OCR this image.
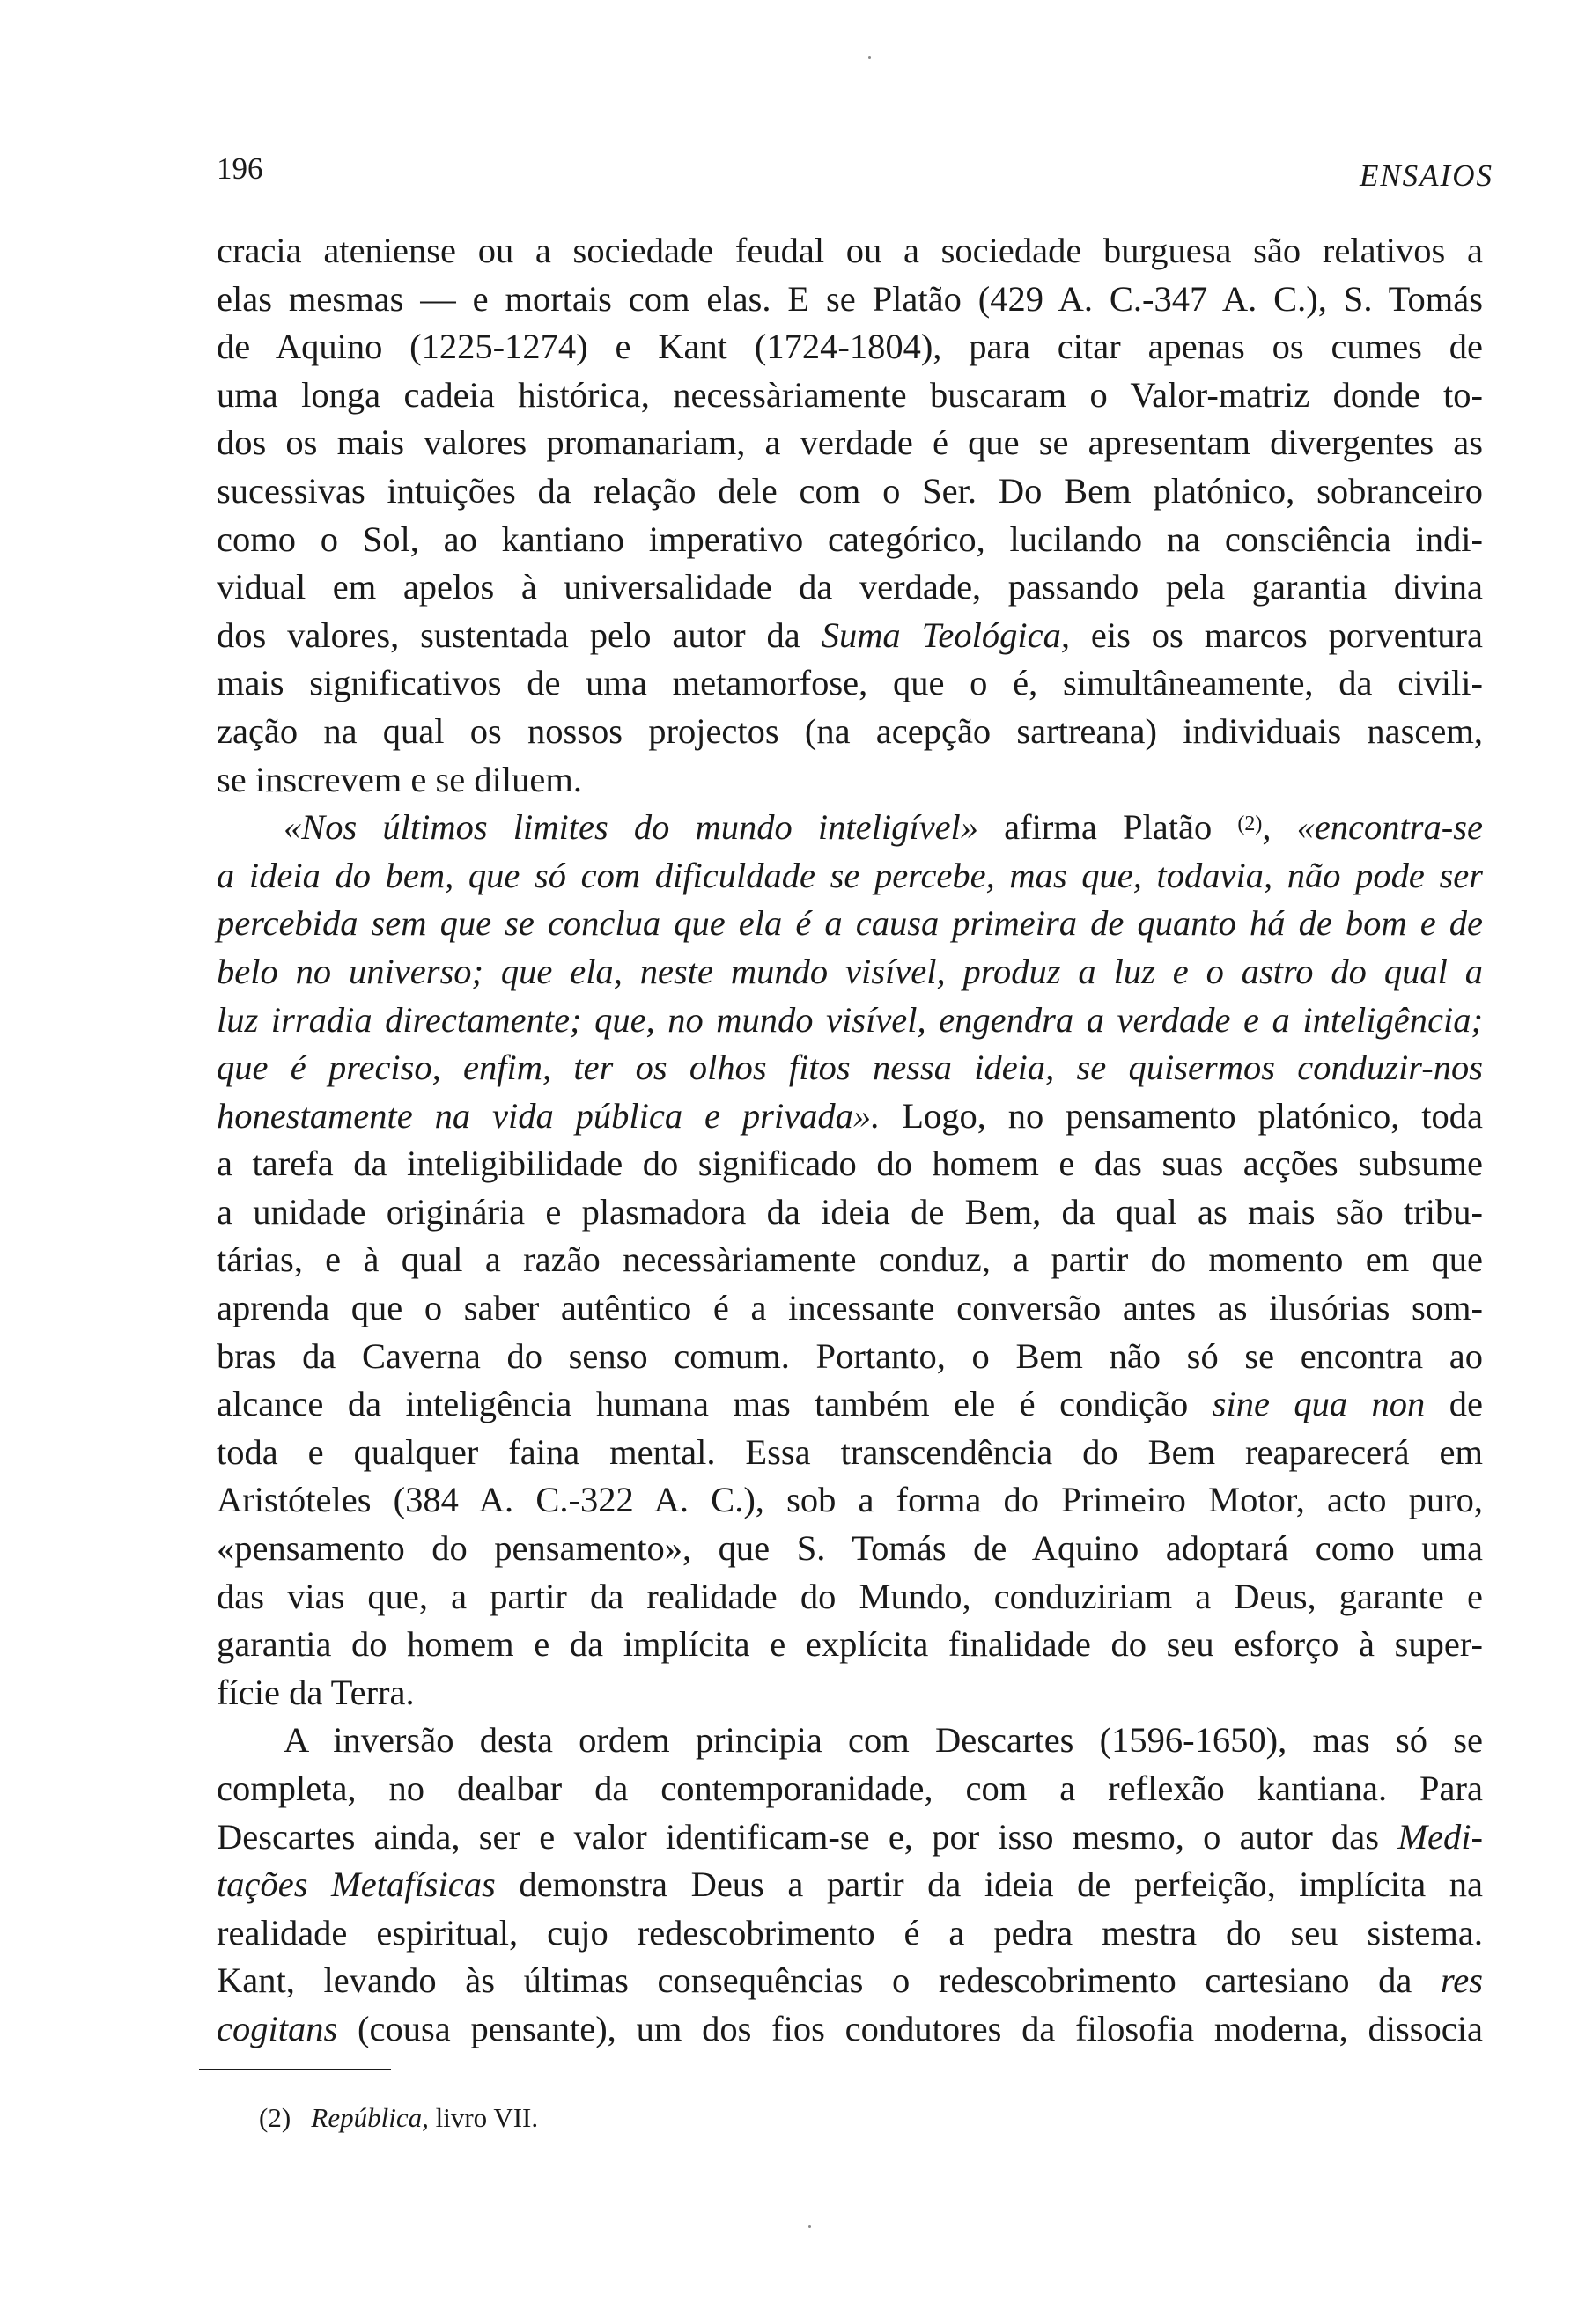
196	ENSAIOS

cracia ateniense ou a sociedade feudal ou a sociedade burguesa são relativos a
elas mesmas — e mortais com elas. E se Platão (429 A. C.-347 A. C.), S. Tomás
de Aquino (1225-1274) e Kant (1724-1804), para citar apenas os cumes de
uma longa cadeia histórica, necessàriamente buscaram o Valor-matriz donde to-
dos os mais valores promanariam, a verdade é que se apresentam divergentes as
sucessivas intuições da relação dele com o Ser. Do Bem platónico, sobranceiro
como o Sol, ao kantiano imperativo categórico, lucilando na consciência indi-
vidual em apelos à universalidade da verdade, passando pela garantia divina
dos valores, sustentada pelo autor da Suma Teológica, eis os marcos porventura
mais significativos de uma metamorfose, que o é, simultâneamente, da civili-
zação na qual os nossos projectos (na acepção sartreana) individuais nascem,
se inscrevem e se diluem.

«Nos últimos limites do mundo inteligível» afirma Platão $^{(2)}$, «encontra-se
a ideia do bem, que só com dificuldade se percebe, mas que, todavia, não pode ser
percebida sem que se conclua que ela é a causa primeira de quanto há de bom e de
belo no universo; que ela, neste mundo visível, produz a luz e o astro do qual a
luz irradia directamente; que, no mundo visível, engendra a verdade e a inteligência;
que é preciso, enfim, ter os olhos fitos nessa ideia, se quisermos conduzir-nos
honestamente na vida pública e privada». Logo, no pensamento platónico, toda
a tarefa da inteligibilidade do significado do homem e das suas acções subsume
a unidade originária e plasmadora da ideia de Bem, da qual as mais são tribu-
tárias, e à qual a razão necessàriamente conduz, a partir do momento em que
aprenda que o saber autêntico é a incessante conversão antes as ilusórias som-
bras da Caverna do senso comum. Portanto, o Bem não só se encontra ao
alcance da inteligência humana mas também ele é condição sine qua non de
toda e qualquer faina mental. Essa transcendência do Bem reaparecerá em
Aristóteles (384 A. C.-322 A. C.), sob a forma do Primeiro Motor, acto puro,
«pensamento do pensamento», que S. Tomás de Aquino adoptará como uma
das vias que, a partir da realidade do Mundo, conduziriam a Deus, garante e
garantia do homem e da implícita e explícita finalidade do seu esforço à super-
fície da Terra.

A inversão desta ordem principia com Descartes (1596-1650), mas só se
completa, no dealbar da contemporanidade, com a reflexão kantiana. Para
Descartes ainda, ser e valor identificam-se e, por isso mesmo, o autor das Medi-
tações Metafísicas demonstra Deus a partir da ideia de perfeição, implícita na
realidade espiritual, cujo redescobrimento é a pedra mestra do seu sistema.
Kant, levando às últimas consequências o redescobrimento cartesiano da res
cogitans (cousa pensante), um dos fios condutores da filosofia moderna, dissocia

(2) República, livro VII.
